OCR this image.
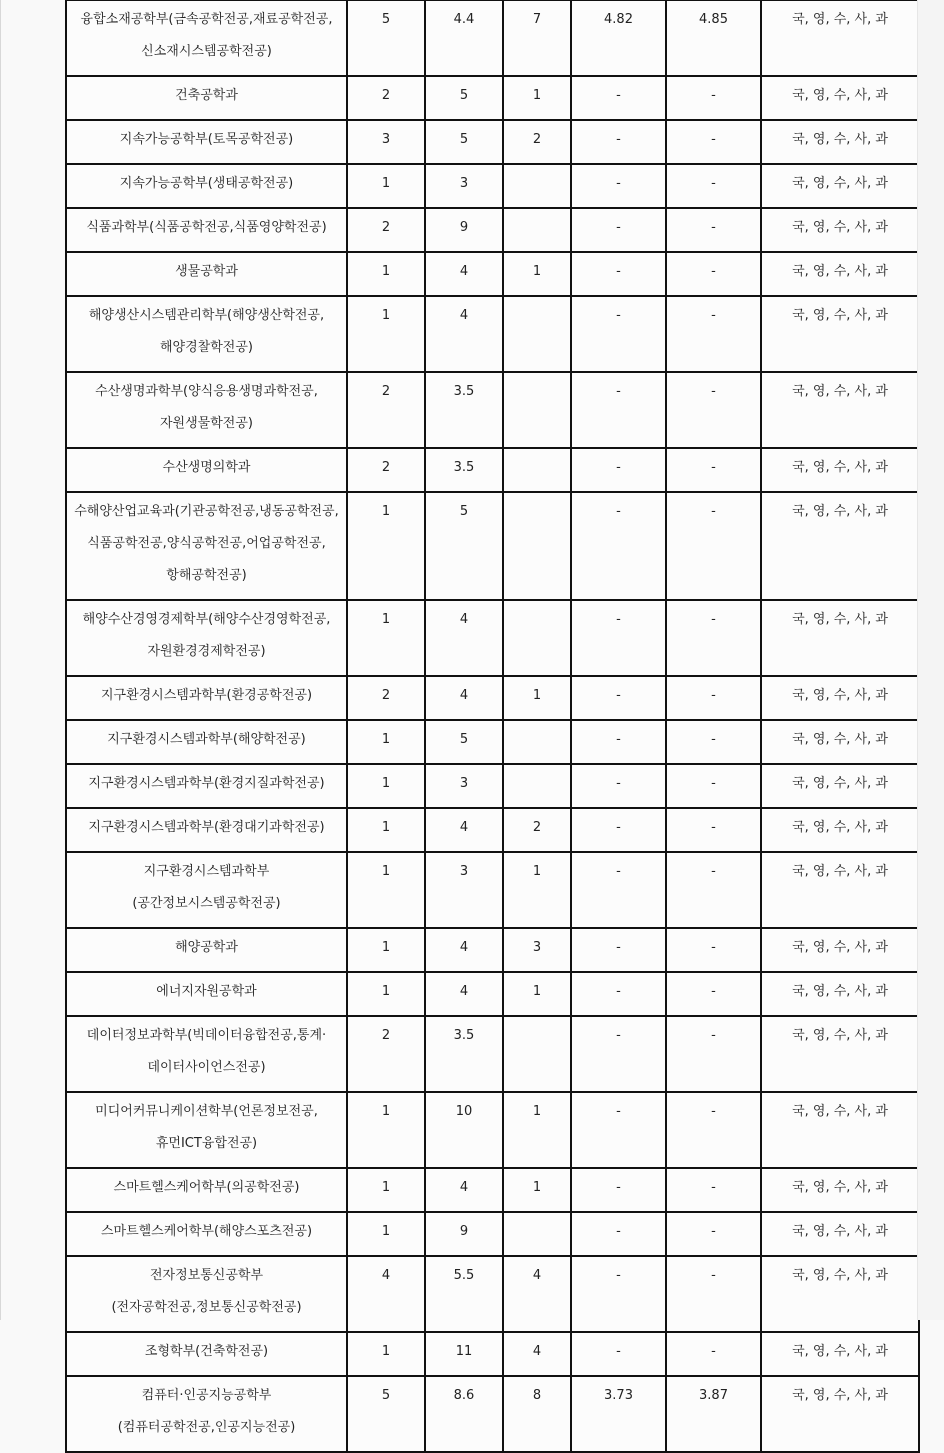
융합소재공학부(금속공학전공,재료공학전공,신소재시스템공학전공)	5	4.4	7	4.82	4.85	국, 영, 수, 사, 과

건축공학과	2	5	1	-	-	국, 영, 수, 사, 과

지속가능공학부(토목공학전공)	3	5	2	-	-	국, 영, 수, 사, 과

지속가능공학부(생태공학전공)	1	3		-	-	국, 영, 수, 사, 과

식품과학부(식품공학전공,식품영양학전공)	2	9		-	-	국, 영, 수, 사, 과

생물공학과	1	4	1	-	-	국, 영, 수, 사, 과

해양생산시스템관리학부(해양생산학전공,해양경찰학전공)	1	4		-	-	국, 영, 수, 사, 과

수산생명과학부(양식응용생명과학전공,자원생물학전공)	2	3.5		-	-	국, 영, 수, 사, 과

수산생명의학과	2	3.5		-	-	국, 영, 수, 사, 과

수해양산업교육과(기관공학전공,냉동공학전공,식품공학전공,양식공학전공,어업공학전공,항해공학전공)	1	5		-	-	국, 영, 수, 사, 과

해양수산경영경제학부(해양수산경영학전공,자원환경경제학전공)	1	4		-	-	국, 영, 수, 사, 과

지구환경시스템과학부(환경공학전공)	2	4	1	-	-	국, 영, 수, 사, 과

지구환경시스템과학부(해양학전공)	1	5		-	-	국, 영, 수, 사, 과

지구환경시스템과학부(환경지질과학전공)	1	3		-	-	국, 영, 수, 사, 과

지구환경시스템과학부(환경대기과학전공)	1	4	2	-	-	국, 영, 수, 사, 과

지구환경시스템과학부(공간정보시스템공학전공)	1	3	1	-	-	국, 영, 수, 사, 과

해양공학과	1	4	3	-	-	국, 영, 수, 사, 과

에너지자원공학과	1	4	1	-	-	국, 영, 수, 사, 과

데이터정보과학부(빅데이터융합전공,통계·데이터사이언스전공)	2	3.5		-	-	국, 영, 수, 사, 과

미디어커뮤니케이션학부(언론정보전공,휴먼ICT융합전공)	1	10	1	-	-	국, 영, 수, 사, 과

스마트헬스케어학부(의공학전공)	1	4	1	-	-	국, 영, 수, 사, 과

스마트헬스케어학부(해양스포츠전공)	1	9		-	-	국, 영, 수, 사, 과

전자정보통신공학부
(전자공학전공,정보통신공학전공)	4	5.5	4	-	-	국, 영, 수, 사, 과

조형학부(건축학전공)	1	11	4	-	-	국, 영, 수, 사, 과

컴퓨터·인공지능공학부
(컴퓨터공학전공,인공지능전공)	5	8.6	8	3.73	3.87	국, 영, 수, 사, 과
